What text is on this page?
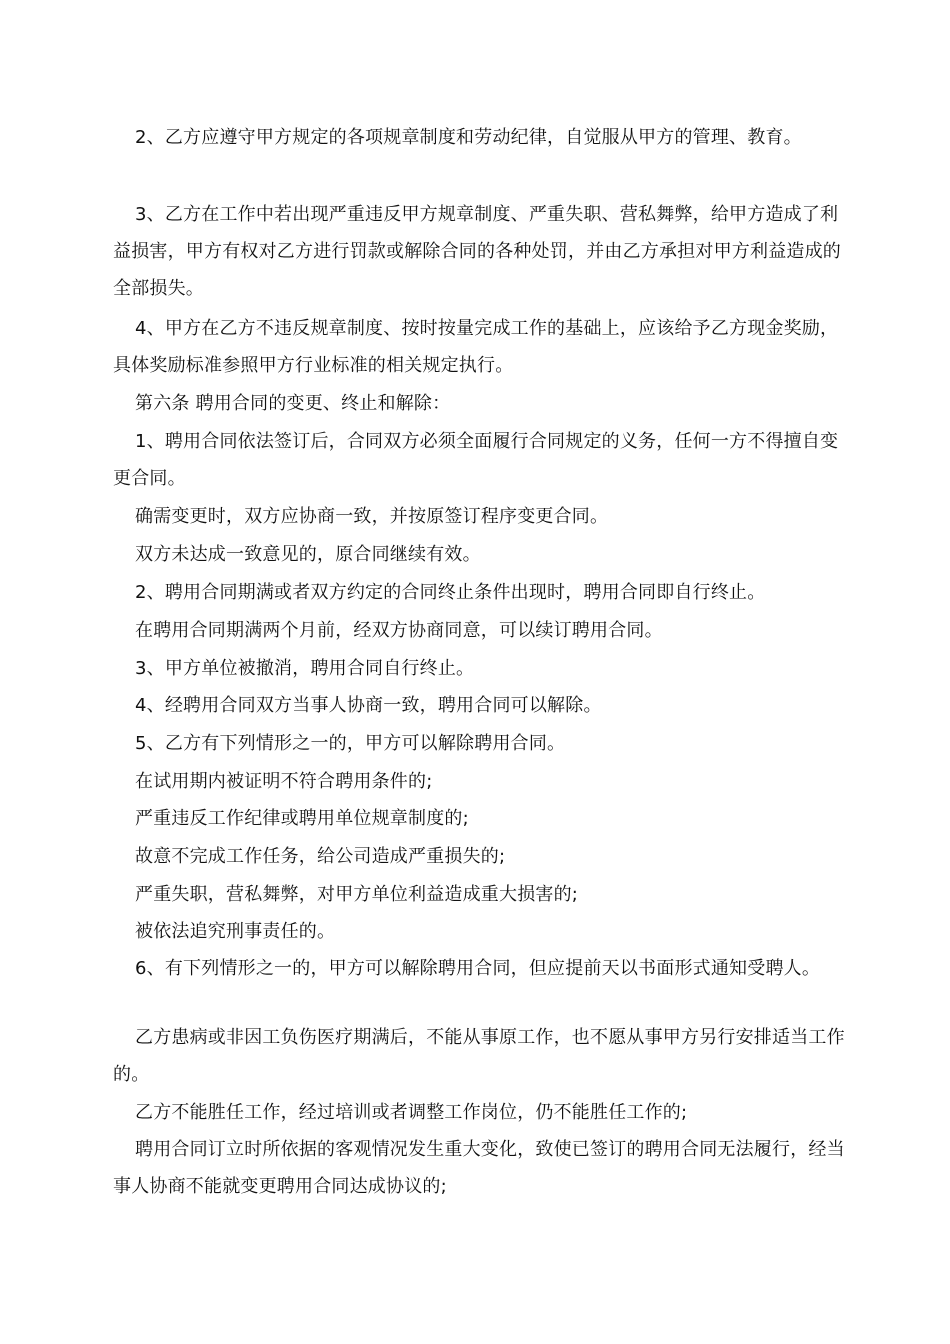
2、乙方应遵守甲方规定的各项规章制度和劳动纪律，自觉服从甲方的管理、教育。

3、乙方在工作中若出现严重违反甲方规章制度、严重失职、营私舞弊，给甲方造成了利益损害，甲方有权对乙方进行罚款或解除合同的各种处罚，并由乙方承担对甲方利益造成的全部损失。

4、甲方在乙方不违反规章制度、按时按量完成工作的基础上，应该给予乙方现金奖励，具体奖励标准参照甲方行业标准的相关规定执行。

第六条 聘用合同的变更、终止和解除：

1、聘用合同依法签订后，合同双方必须全面履行合同规定的义务，任何一方不得擅自变更合同。

确需变更时，双方应协商一致，并按原签订程序变更合同。

双方未达成一致意见的，原合同继续有效。

2、聘用合同期满或者双方约定的合同终止条件出现时，聘用合同即自行终止。

在聘用合同期满两个月前，经双方协商同意，可以续订聘用合同。

3、甲方单位被撤消，聘用合同自行终止。

4、经聘用合同双方当事人协商一致，聘用合同可以解除。

5、乙方有下列情形之一的，甲方可以解除聘用合同。

在试用期内被证明不符合聘用条件的;

严重违反工作纪律或聘用单位规章制度的;

故意不完成工作任务，给公司造成严重损失的;

严重失职，营私舞弊，对甲方单位利益造成重大损害的;

被依法追究刑事责任的。

6、有下列情形之一的，甲方可以解除聘用合同，但应提前天以书面形式通知受聘人。

乙方患病或非因工负伤医疗期满后，不能从事原工作，也不愿从事甲方另行安排适当工作的。

乙方不能胜任工作，经过培训或者调整工作岗位，仍不能胜任工作的;

聘用合同订立时所依据的客观情况发生重大变化，致使已签订的聘用合同无法履行，经当事人协商不能就变更聘用合同达成协议的;
